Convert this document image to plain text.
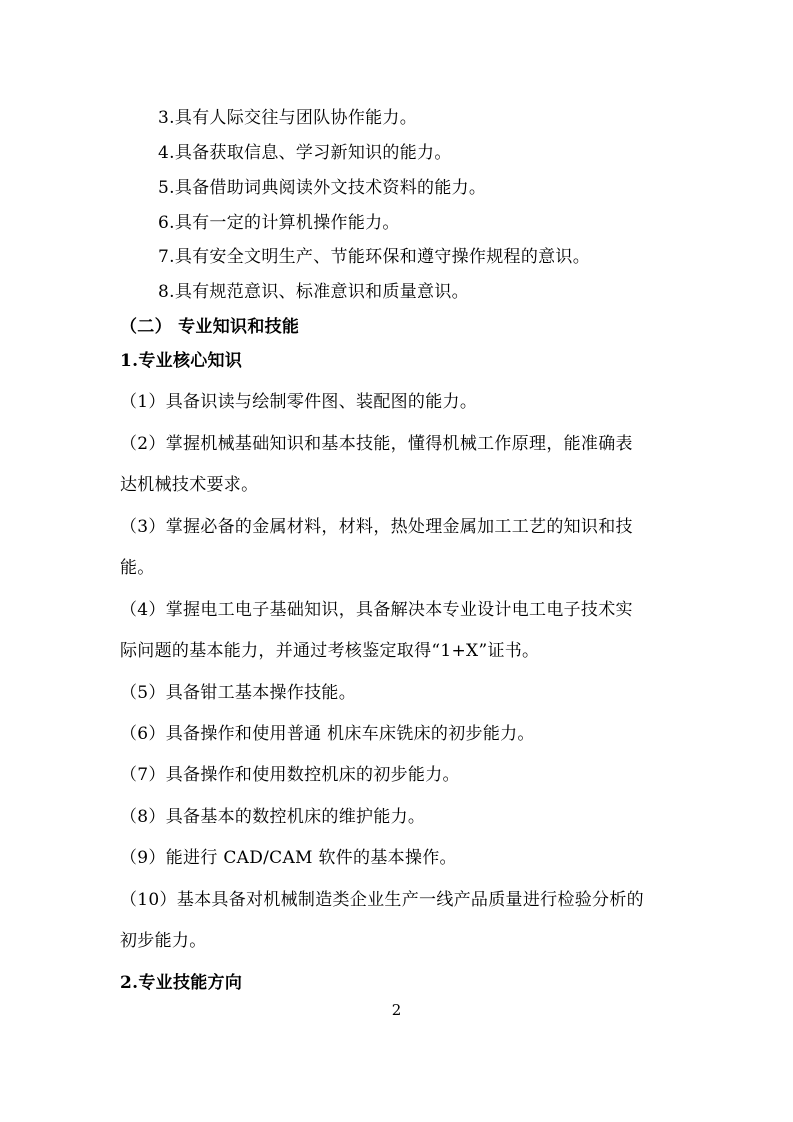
3.具有人际交往与团队协作能力。
4.具备获取信息、学习新知识的能力。
5.具备借助词典阅读外文技术资料的能力。
6.具有一定的计算机操作能力。
7.具有安全文明生产、节能环保和遵守操作规程的意识。
8.具有规范意识、标准意识和质量意识。
（二） 专业知识和技能
1.专业核心知识
（1）具备识读与绘制零件图、装配图的能力。
（2）掌握机械基础知识和基本技能，懂得机械工作原理，能准确表
达机械技术要求。
（3）掌握必备的金属材料，材料，热处理金属加工工艺的知识和技
能。
（4）掌握电工电子基础知识，具备解决本专业设计电工电子技术实
际问题的基本能力，并通过考核鉴定取得“1+X”证书。
（5）具备钳工基本操作技能。
（6）具备操作和使用普通 机床车床铣床的初步能力。
（7）具备操作和使用数控机床的初步能力。
（8）具备基本的数控机床的维护能力。
（9）能进行 CAD/CAM 软件的基本操作。
（10）基本具备对机械制造类企业生产一线产品质量进行检验分析的
初步能力。
2.专业技能方向
2
